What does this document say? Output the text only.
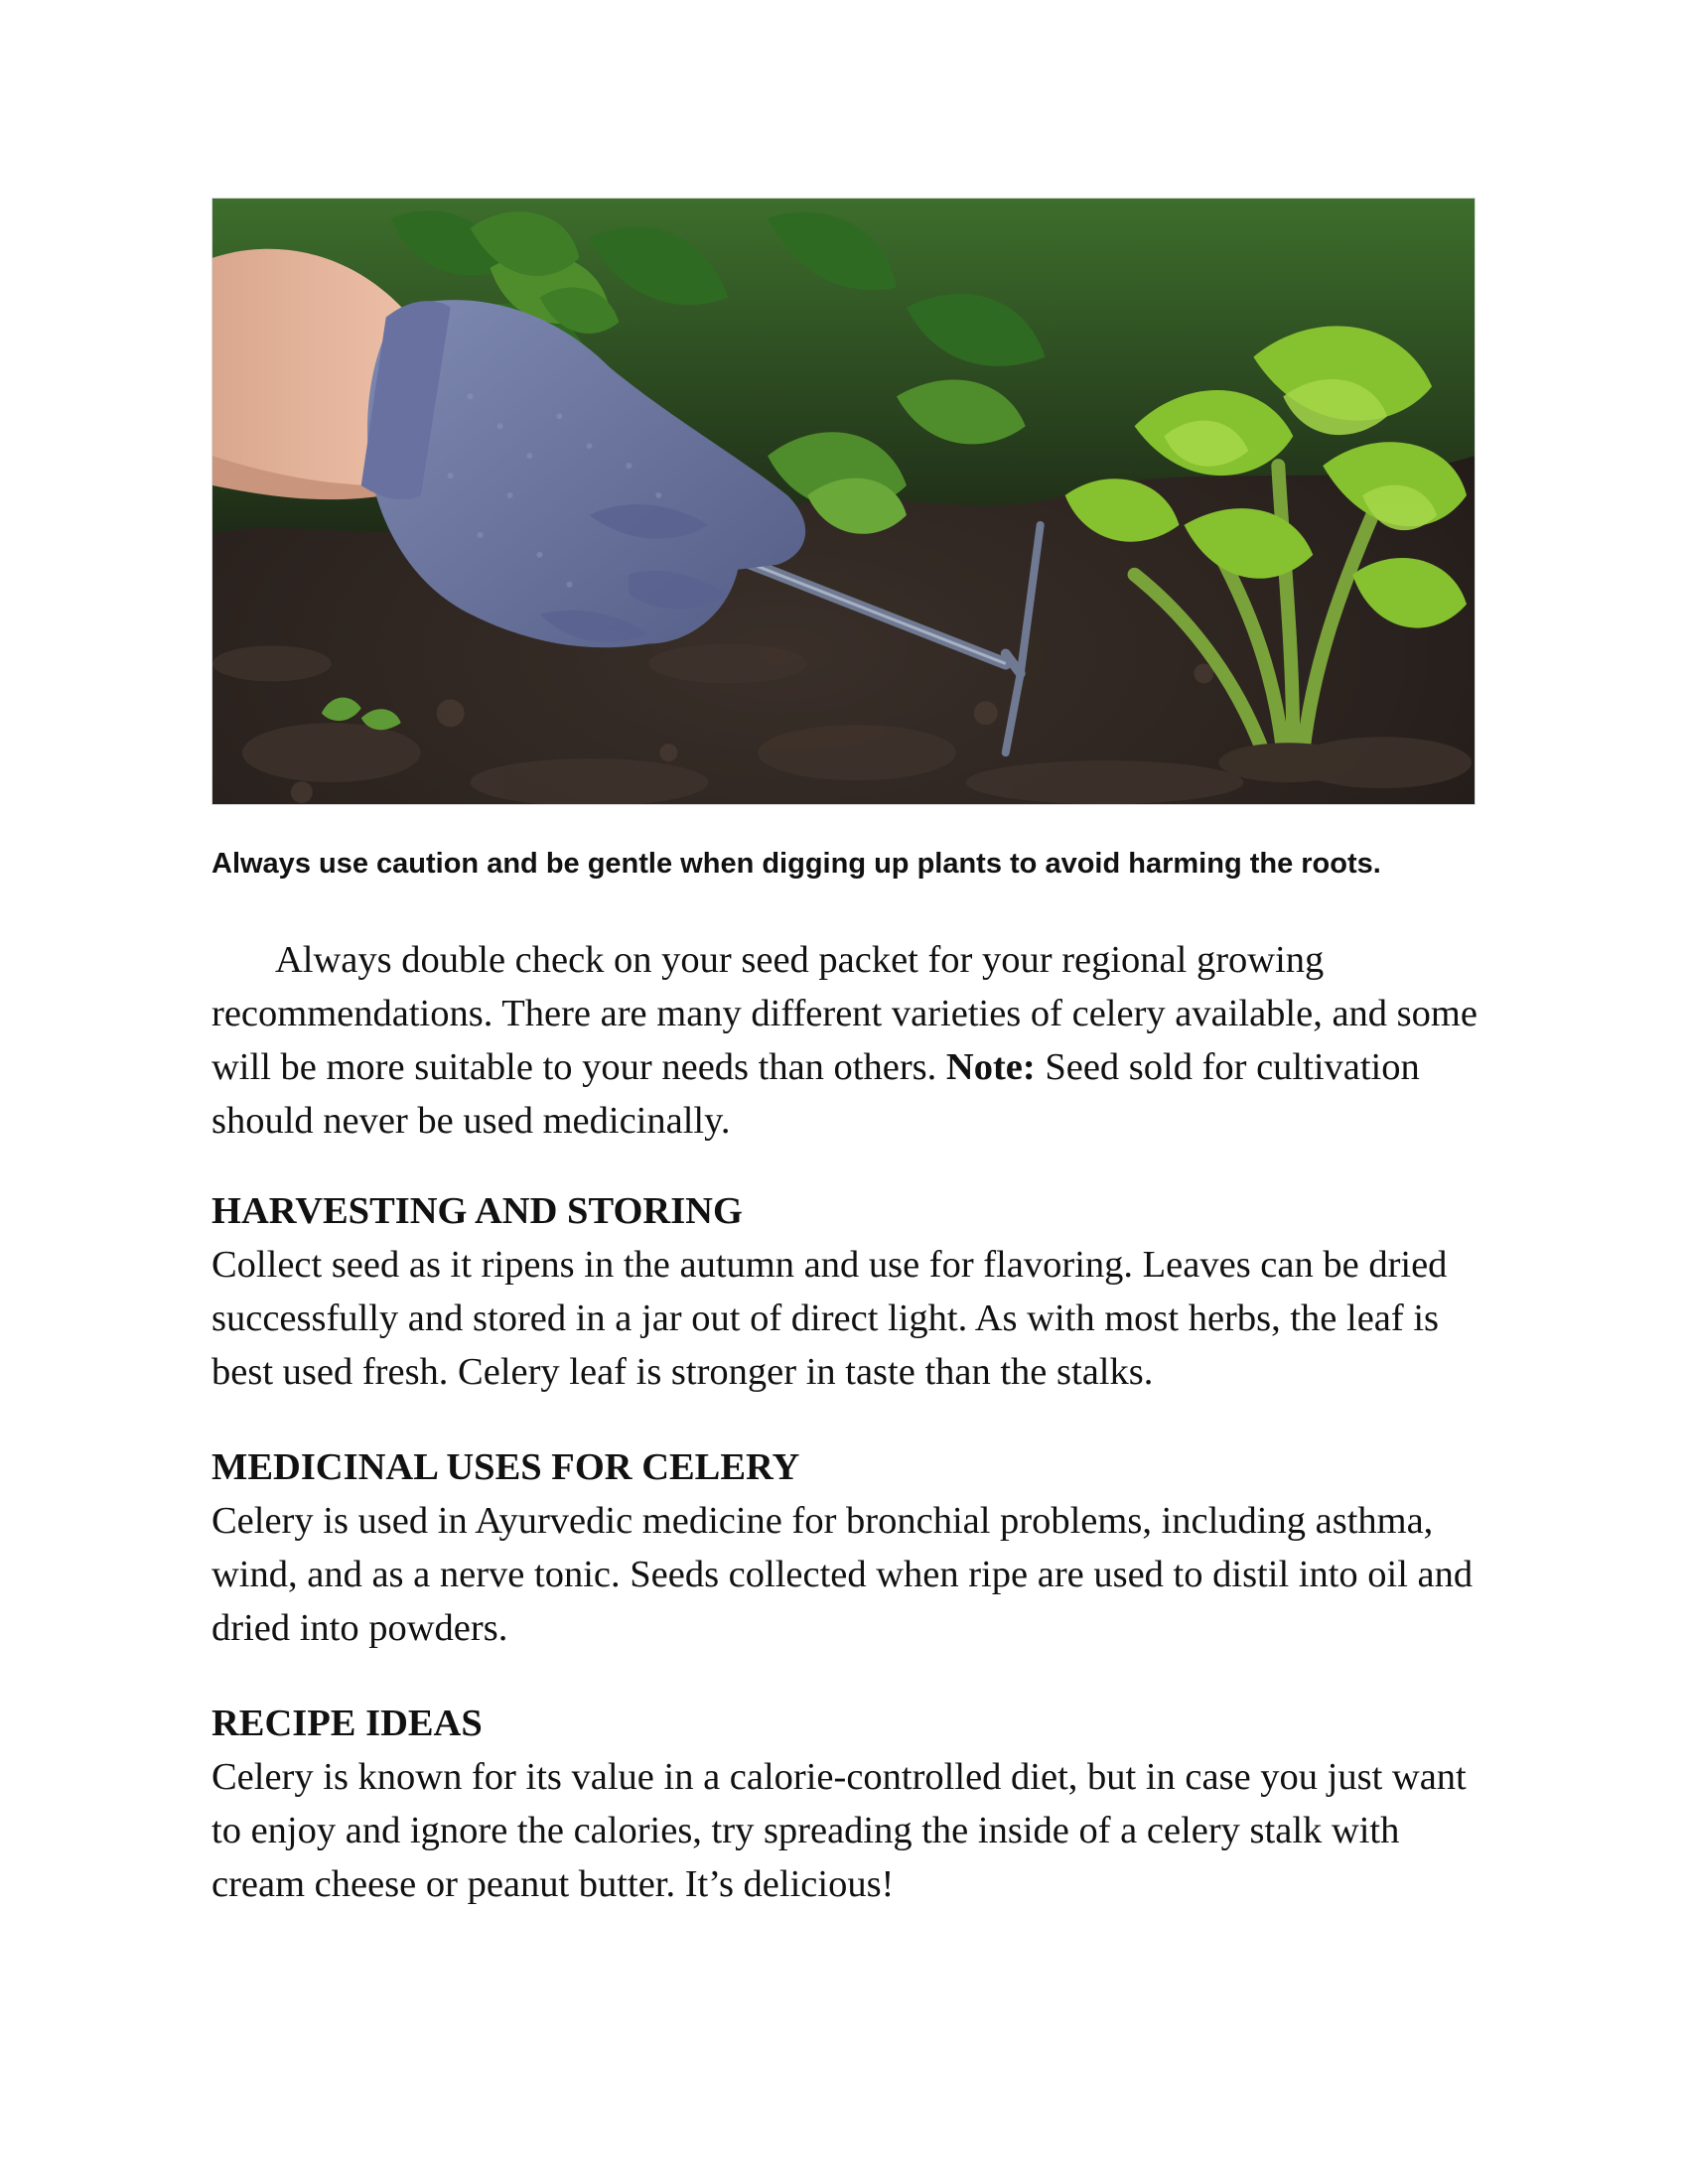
Always use caution and be gentle when digging up plants to avoid harming the roots.

Always double check on your seed packet for your regional growing recommendations. There are many different varieties of celery available, and some will be more suitable to your needs than others. Note: Seed sold for cultivation should never be used medicinally.

HARVESTING AND STORING

Collect seed as it ripens in the autumn and use for flavoring. Leaves can be dried successfully and stored in a jar out of direct light. As with most herbs, the leaf is best used fresh. Celery leaf is stronger in taste than the stalks.

MEDICINAL USES FOR CELERY

Celery is used in Ayurvedic medicine for bronchial problems, including asthma, wind, and as a nerve tonic. Seeds collected when ripe are used to distil into oil and dried into powders.

RECIPE IDEAS

Celery is known for its value in a calorie-controlled diet, but in case you just want to enjoy and ignore the calories, try spreading the inside of a celery stalk with cream cheese or peanut butter. It’s delicious!
